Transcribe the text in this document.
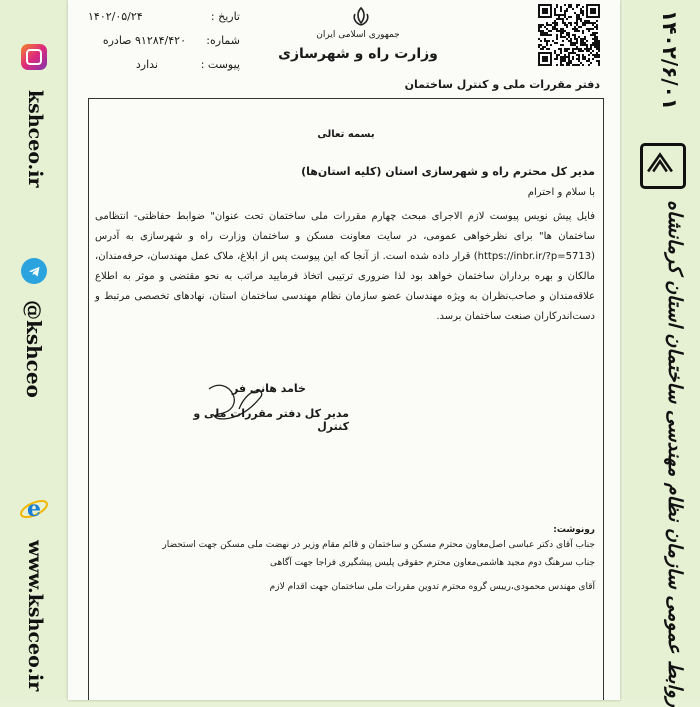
kshceo.ir
@kshceo
e
www.kshceo.ir
۱۴۰۲/۶/۰۱
روابط عمومی سازمان نظام مهندسی ساختمان استان کرمانشاه
جمهوری اسلامی ایران
وزارت راه و شهرسازی
تاریخ :
۱۴۰۲/۰۵/۲۴
شماره:
۹۱۲۸۴/۴۲۰ صادره
پیوست :
ندارد
دفتر مقررات ملی و کنترل ساختمان
بسمه تعالی
مدیر کل محترم راه و شهرسازی استان (کلیه استان‌ها)
با سلام و احترام
فایل پیش نویس پیوست لازم الاجرای مبحث چهارم مقررات ملی ساختمان تحت عنوان" ضوابط حفاظتی- انتظامی ساختمان ها" برای نظرخواهی عمومی، در سایت معاونت مسکن و ساختمان وزارت راه و شهرسازی به آدرس (https://inbr.ir/?p=5713) قرار داده شده است. از آنجا که این پیوست پس از ابلاغ، ملاک عمل مهندسان، حرفه‌مندان، مالکان و بهره برداران ساختمان خواهد بود لذا ضروری ترتیبی اتخاذ فرمایید مراتب به نحو مقتضی و موثر به اطلاع علاقه‌مندان و صاحب‌نظران به ویژه مهندسان عضو سازمان نظام مهندسی ساختمان استان، نهادهای تخصصی مرتبط و دست‌اندرکاران صنعت ساختمان برسد.
خامد هانی فر
مدیر کل دفتر مقررات ملی و کنترل
رونوشت:
جناب آقای دکتر عباسی اصل‌معاون محترم مسکن و ساختمان و قائم مقام وزیر در نهضت ملی مسکن جهت استحضار
جناب سرهنگ دوم مجید هاشمی‌معاون محترم حقوقی پلیس پیشگیری فراجا جهت آگاهی
آقای مهندس محمودی،رییس گروه محترم تدوین مقررات ملی ساختمان جهت اقدام لازم
